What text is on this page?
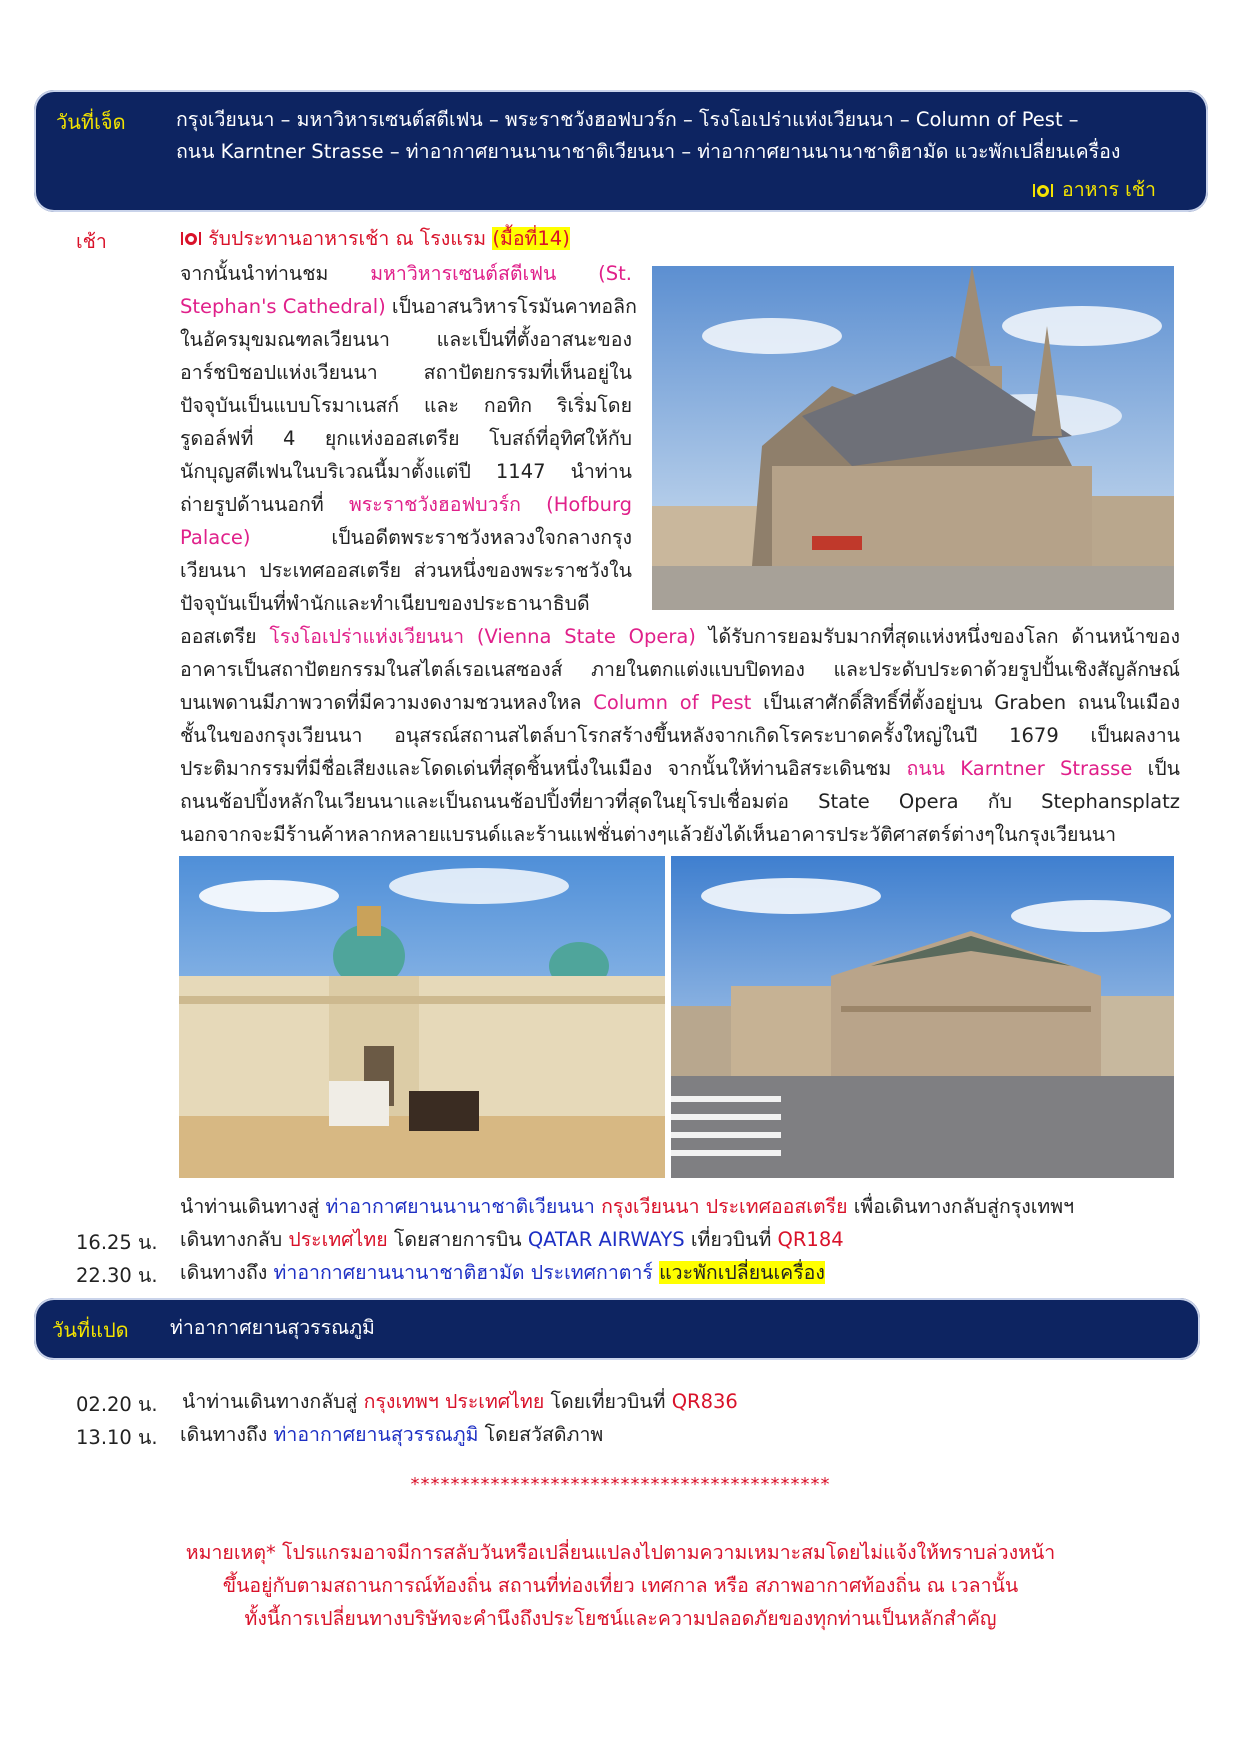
วันที่เจ็ด	กรุงเวียนนา – มหาวิหารเซนต์สตีเฟน – พระราชวังฮอฟบวร์ก – โรงโอเปร่าแห่งเวียนนา – Column of Pest –
ถนน Karntner Strasse – ท่าอากาศยานนานาชาติเวียนนา – ท่าอากาศยานนานาชาติฮามัด แวะพักเปลี่ยนเครื่อง
อาหาร เช้า
เช้า	รับประทานอาหารเช้า ณ โรงแรม (มื้อที่14)
จากนั้นนำท่านชม มหาวิหารเซนต์สตีเฟน (St.
Stephan's Cathedral) เป็นอาสนวิหารโรมันคาทอลิก
ในอัครมุขมณฑลเวียนนา และเป็นที่ตั้งอาสนะของ
อาร์ชบิชอปแห่งเวียนนา สถาปัตยกรรมที่เห็นอยู่ใน
ปัจจุบันเป็นแบบโรมาเนสก์ และ กอทิก ริเริ่มโดย
รูดอล์ฟที่ 4 ยุกแห่งออสเตรีย โบสถ์ที่อุทิศให้กับ
นักบุญสตีเฟนในบริเวณนี้มาตั้งแต่ปี 1147 นำท่าน
ถ่ายรูปด้านนอกที่ พระราชวังฮอฟบวร์ก (Hofburg
Palace) เป็นอดีตพระราชวังหลวงใจกลางกรุง
เวียนนา ประเทศออสเตรีย ส่วนหนึ่งของพระราชวังใน
ปัจจุบันเป็นที่พำนักและทำเนียบของประธานาธิบดี
ออสเตรีย โรงโอเปร่าแห่งเวียนนา (Vienna State Opera) ได้รับการยอมรับมากที่สุดแห่งหนึ่งของโลก ด้านหน้าของ
อาคารเป็นสถาปัตยกรรมในสไตล์เรอเนสซองส์ ภายในตกแต่งแบบปิดทอง และประดับประดาด้วยรูปปั้นเชิงสัญลักษณ์
บนเพดานมีภาพวาดที่มีความงดงามชวนหลงใหล Column of Pest เป็นเสาศักดิ์สิทธิ์ที่ตั้งอยู่บน Graben ถนนในเมือง
ชั้นในของกรุงเวียนนา อนุสรณ์สถานสไตล์บาโรกสร้างขึ้นหลังจากเกิดโรคระบาดครั้งใหญ่ในปี 1679 เป็นผลงาน
ประติมากรรมที่มีชื่อเสียงและโดดเด่นที่สุดชิ้นหนึ่งในเมือง จากนั้นให้ท่านอิสระเดินชม ถนน Karntner Strasse เป็น
ถนนช้อปปิ้งหลักในเวียนนาและเป็นถนนช้อปปิ้งที่ยาวที่สุดในยุโรปเชื่อมต่อ State Opera กับ Stephansplatz
นอกจากจะมีร้านค้าหลากหลายแบรนด์และร้านแฟชั่นต่างๆแล้วยังได้เห็นอาคารประวัติศาสตร์ต่างๆในกรุงเวียนนา
นำท่านเดินทางสู่ ท่าอากาศยานนานาชาติเวียนนา กรุงเวียนนา ประเทศออสเตรีย เพื่อเดินทางกลับสู่กรุงเทพฯ
16.25 น. เดินทางกลับ ประเทศไทย โดยสายการบิน QATAR AIRWAYS เที่ยวบินที่ QR184
22.30 น. เดินทางถึง ท่าอากาศยานนานาชาติฮามัด ประเทศกาตาร์ แวะพักเปลี่ยนเครื่อง
วันที่แปด ท่าอากาศยานสุวรรณภูมิ
02.20 น. นำท่านเดินทางกลับสู่ กรุงเทพฯ ประเทศไทย โดยเที่ยวบินที่ QR836
13.10 น. เดินทางถึง ท่าอากาศยานสุวรรณภูมิ โดยสวัสดิภาพ
******************************************
หมายเหตุ* โปรแกรมอาจมีการสลับวันหรือเปลี่ยนแปลงไปตามความเหมาะสมโดยไม่แจ้งให้ทราบล่วงหน้า
ขึ้นอยู่กับตามสถานการณ์ท้องถิ่น สถานที่ท่องเที่ยว เทศกาล หรือ สภาพอากาศท้องถิ่น ณ เวลานั้น
ทั้งนี้การเปลี่ยนทางบริษัทจะคำนึงถึงประโยชน์และความปลอดภัยของทุกท่านเป็นหลักสำคัญ
